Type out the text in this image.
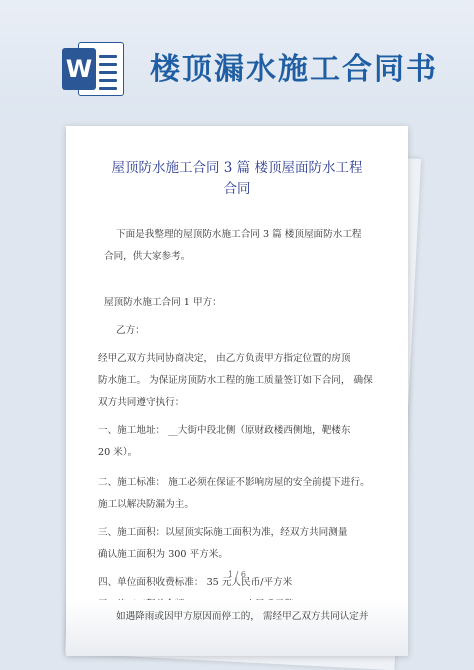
W 楼顶漏水施工合同书
屋顶防水施工合同 3 篇 楼顶屋面防水工程
合同
下面是我整理的屋顶防水施工合同 3 篇 楼顶屋面防水工程
合同，供大家参考。
屋顶防水施工合同 1 甲方：
乙方：
经甲乙双方共同协商决定， 由乙方负责甲方指定位置的房顶
防水施工。 为保证房顶防水工程的施工质量签订如下合同， 确保
双方共同遵守执行：
一、施工地址： __大街中段北侧（原财政楼西侧地，靶楼东
20 米）。
二、施工标准： 施工必须在保证不影响房屋的安全前提下进行。
施工以解决防漏为主。
三、施工面积：以屋顶实际施工面积为准，经双方共同测量
确认施工面积为 300 平方米。
四、单位面积收费标准： 35 元人民币/平方米
1 / 6
如遇降雨或因甲方原因而停工的， 需经甲乙双方共同认定并
